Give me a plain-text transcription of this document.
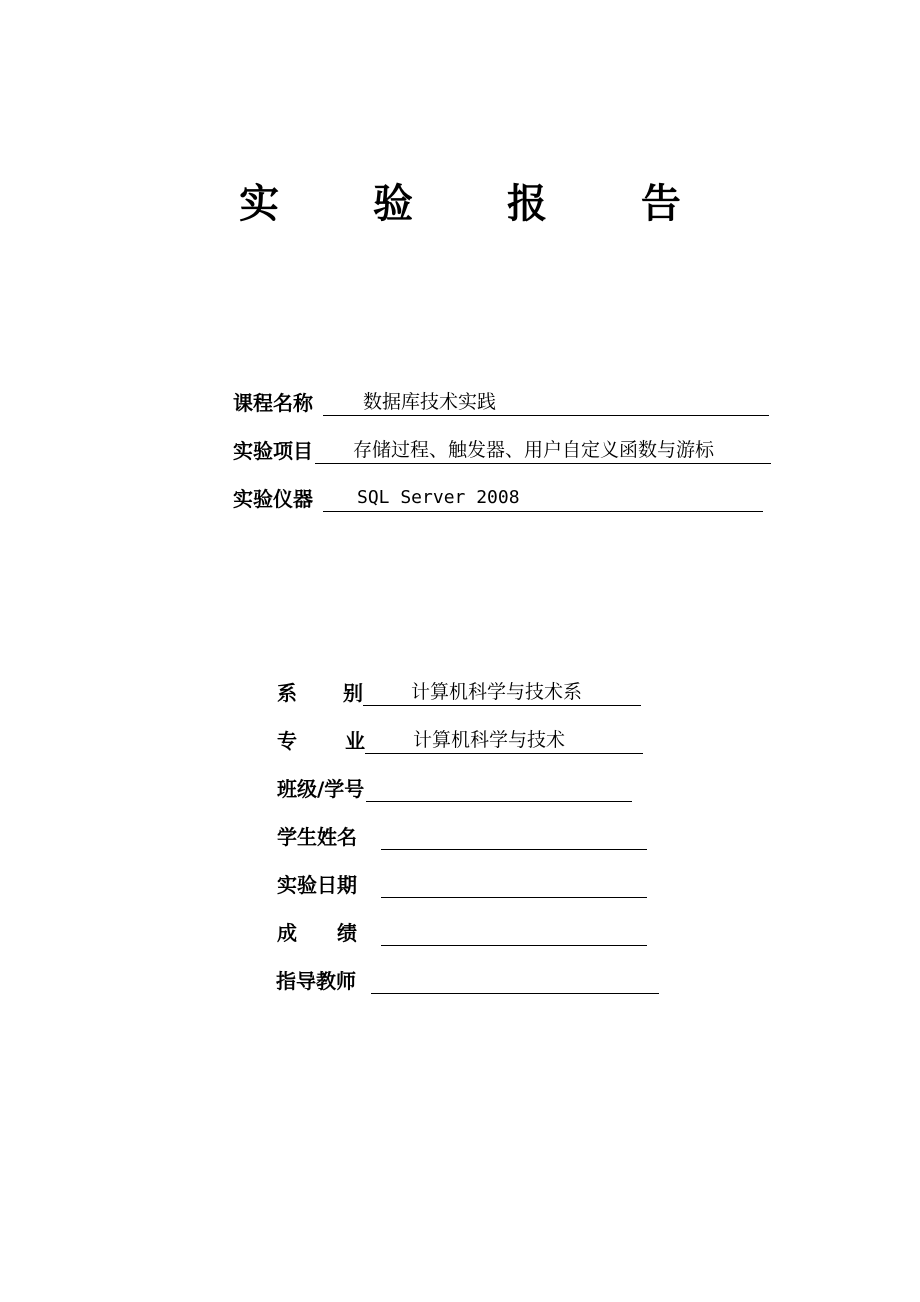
实 验 报 告
课程名称	数据库技术实践
实验项目	存储过程、触发器、用户自定义函数与游标
实验仪器	SQL Server 2008
系 别	计算机科学与技术系
专 业	计算机科学与技术
班级/学号
学生姓名
实验日期
成 绩
指导教师
